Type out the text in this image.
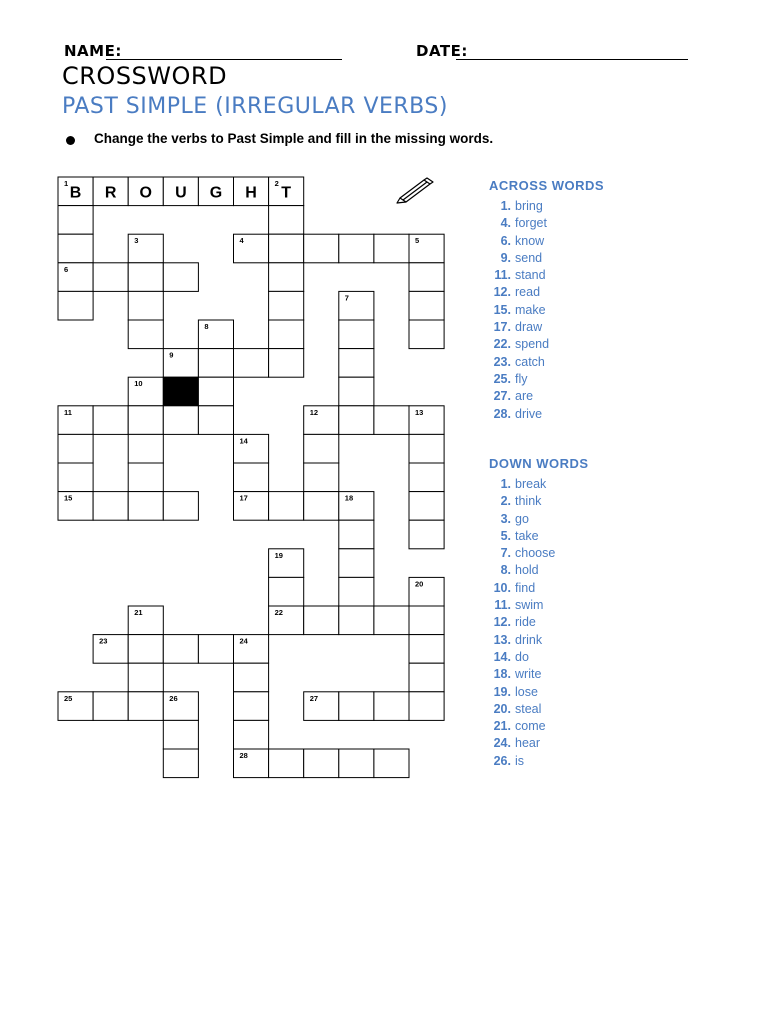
NAME:	DATE:
CROSSWORD
PAST SIMPLE (IRREGULAR VERBS)
Change the verbs to Past Simple and fill in the missing words.
B R O U G H T
1	2
3	4	5
6
7
8
9
10
11	12	13
14
15	17	18
19
20
21	22
23	24
25	26	27
28
ACROSS WORDS
1. bring
4. forget
6. know
9. send
11. stand
12. read
15. make
17. draw
22. spend
23. catch
25. fly
27. are
28. drive
DOWN WORDS
1. break
2. think
3. go
5. take
7. choose
8. hold
10. find
11. swim
12. ride
13. drink
14. do
18. write
19. lose
20. steal
21. come
24. hear
26. is
